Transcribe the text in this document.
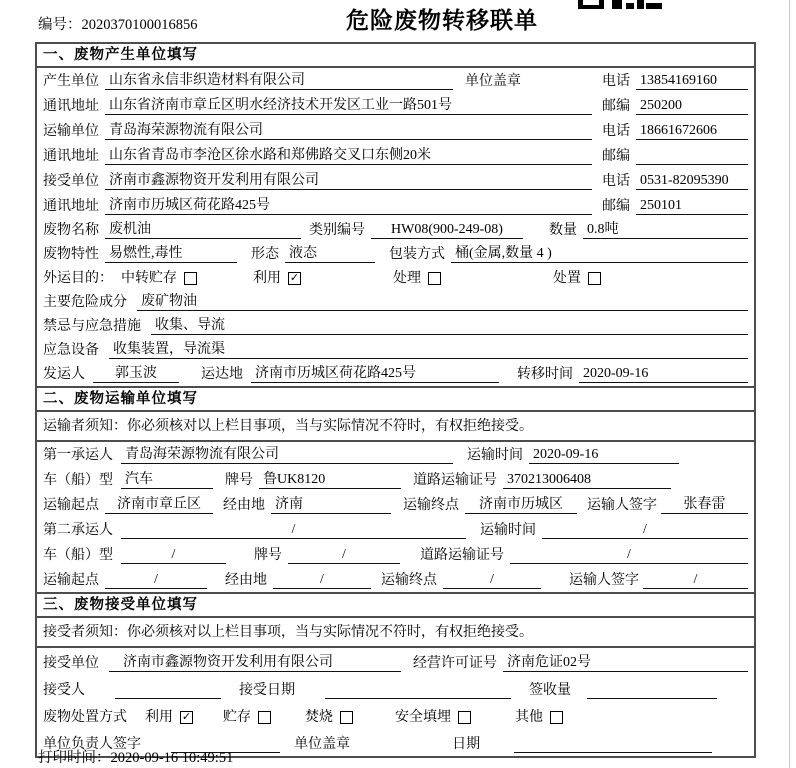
编号：2020370100016856	危险废物转移联单
一、废物产生单位填写
产生单位 山东省永信非织造材料有限公司	单位盖章	电话 13854169160
通讯地址 山东省济南市章丘区明水经济技术开发区工业一路501号	邮编 250200
运输单位 青岛海荣源物流有限公司	电话 18661672606
通讯地址 山东省青岛市李沧区徐水路和郑佛路交叉口东侧20米	邮编
接受单位 济南市鑫源物资开发利用有限公司	电话 0531-82095390
通讯地址 济南市历城区荷花路425号	邮编 250101
废物名称 废机油	类别编号	HW08(900-249-08)	数量 0.8吨
废物特性 易燃性,毒性	形态 液态	包装方式 桶(金属,数量 4 )
外运目的： 中转贮存	利用 ✓	处理	处置
主要危险成分 废矿物油
禁忌与应急措施 收集、导流
应急设备 收集装置，导流渠
发运人	郭玉波	运达地 济南市历城区荷花路425号	转移时间 2020-09-16
二、废物运输单位填写
运输者须知：你必须核对以上栏目事项，当与实际情况不符时，有权拒绝接受。
第一承运人 青岛海荣源物流有限公司	运输时间 2020-09-16
车（船）型 汽车	牌号 鲁UK8120	道路运输证号 370213006408
运输起点	济南市章丘区	经由地 济南	运输终点	济南市历城区	运输人签字	张春雷
第二承运人	/	运输时间	/
车（船）型	/	牌号	/	道路运输证号	/
运输起点	/	经由地	/	运输终点	/	运输人签字	/
三、废物接受单位填写
接受者须知：你必须核对以上栏目事项，当与实际情况不符时，有权拒绝接受。
接受单位	济南市鑫源物资开发利用有限公司	经营许可证号 济南危证02号
接受人	接受日期	签收量
废物处置方式 利用 ✓ 贮存	焚烧	安全填埋	其他
单位负责人签字	单位盖章	日期
打印时间：2020-09-16 10:49:51
